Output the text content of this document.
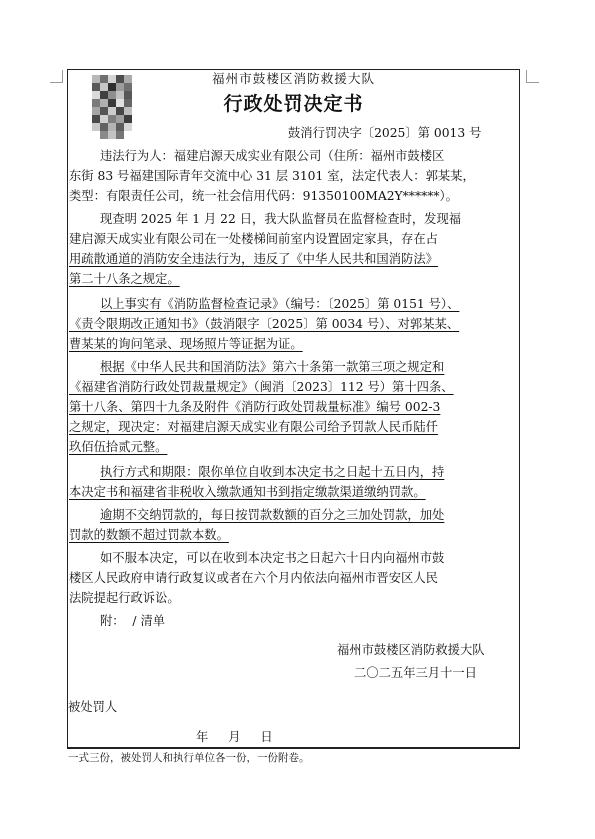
福州市鼓楼区消防救援大队
行政处罚决定书
鼓消行罚决字〔2025〕第 0013 号
违法行为人：福建启源天成实业有限公司（住所：福州市鼓楼区
东街 83 号福建国际青年交流中心 31 层 3101 室，法定代表人：郭某某，
类型：有限责任公司，统一社会信用代码：91350100MA2Y******）。
现查明 2025 年 1 月 22 日，我大队监督员在监督检查时，发现福
建启源天成实业有限公司在一处楼梯间前室内设置固定家具，存在占
用疏散通道的消防安全违法行为，违反了《中华人民共和国消防法》
第二十八条之规定。
以上事实有《消防监督检查记录》（编号：〔2025〕第 0151 号）、
《责令限期改正通知书》（鼓消限字〔2025〕第 0034 号）、对郭某某、
曹某某的询问笔录、现场照片等证据为证。
根据《中华人民共和国消防法》第六十条第一款第三项之规定和
《福建省消防行政处罚裁量规定》（闽消〔2023〕112 号）第十四条、
第十八条、第四十九条及附件《消防行政处罚裁量标准》编号 002-3
之规定，现决定：对福建启源天成实业有限公司给予罚款人民币陆仟
玖佰伍拾贰元整。
执行方式和期限：限你单位自收到本决定书之日起十五日内，持
本决定书和福建省非税收入缴款通知书到指定缴款渠道缴纳罚款。
逾期不交纳罚款的，每日按罚款数额的百分之三加处罚款，加处
罚款的数额不超过罚款本数。
如不服本决定，可以在收到本决定书之日起六十日内向福州市鼓
楼区人民政府申请行政复议或者在六个月内依法向福州市晋安区人民
法院提起行政诉讼。
附：  / 清单
福州市鼓楼区消防救援大队
二〇二五年三月十一日
被处罚人
年 月 日
一式三份，被处罚人和执行单位各一份，一份附卷。
